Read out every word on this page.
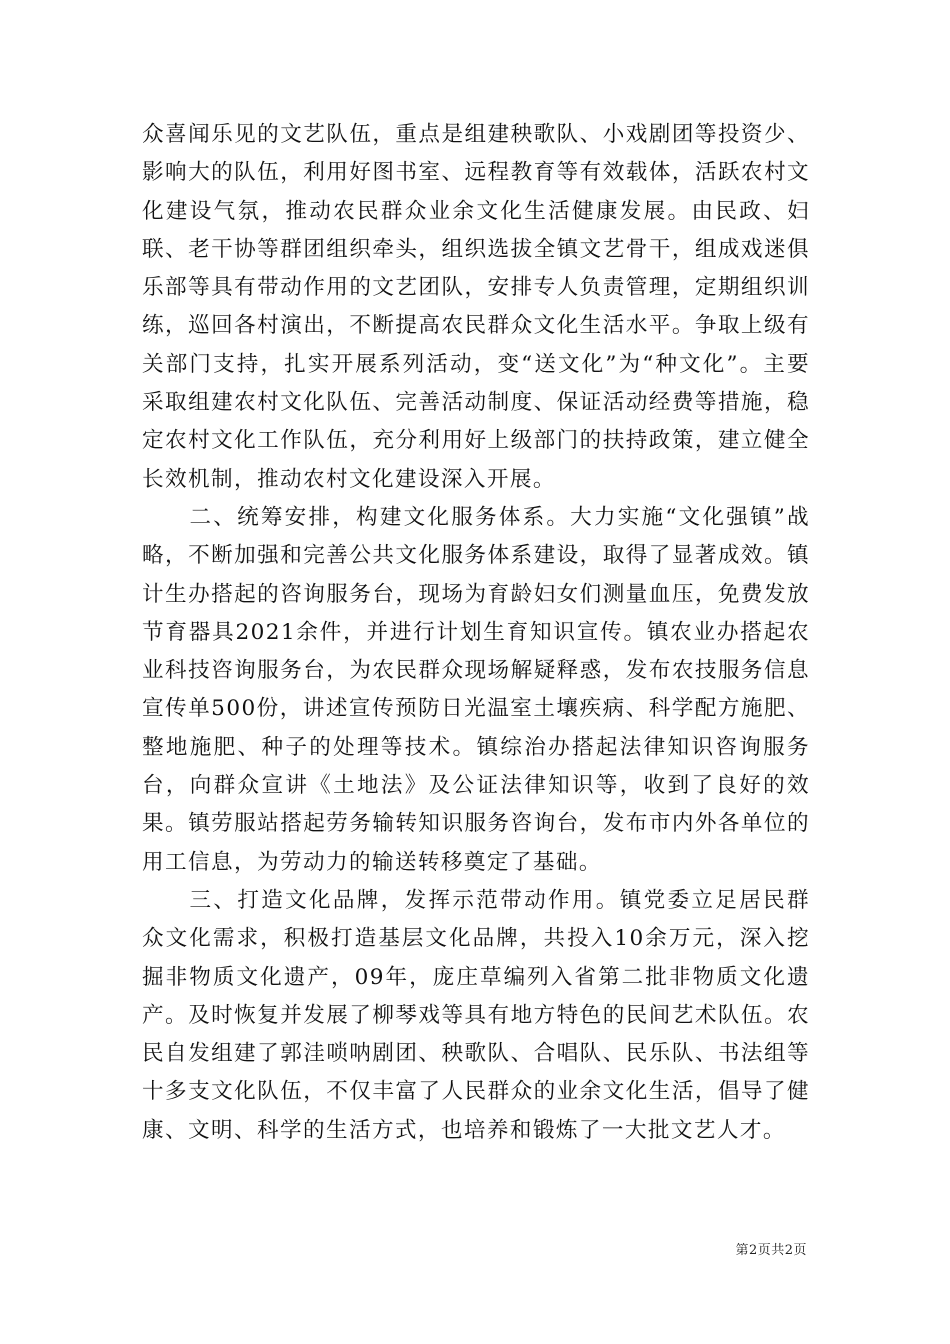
众喜闻乐见的文艺队伍，重点是组建秧歌队、小戏剧团等投资少、影响大的队伍，利用好图书室、远程教育等有效载体，活跃农村文化建设气氛，推动农民群众业余文化生活健康发展。由民政、妇联、老干协等群团组织牵头，组织选拔全镇文艺骨干，组成戏迷俱乐部等具有带动作用的文艺团队，安排专人负责管理，定期组织训练，巡回各村演出，不断提高农民群众文化生活水平。争取上级有关部门支持，扎实开展系列活动，变“送文化”为“种文化”。主要采取组建农村文化队伍、完善活动制度、保证活动经费等措施，稳定农村文化工作队伍，充分利用好上级部门的扶持政策，建立健全长效机制，推动农村文化建设深入开展。

二、统筹安排，构建文化服务体系。大力实施“文化强镇”战略，不断加强和完善公共文化服务体系建设，取得了显著成效。镇计生办搭起的咨询服务台，现场为育龄妇女们测量血压，免费发放节育器具2021余件，并进行计划生育知识宣传。镇农业办搭起农业科技咨询服务台，为农民群众现场解疑释惑，发布农技服务信息宣传单500份，讲述宣传预防日光温室土壤疾病、科学配方施肥、整地施肥、种子的处理等技术。镇综治办搭起法律知识咨询服务台，向群众宣讲《土地法》及公证法律知识等，收到了良好的效果。镇劳服站搭起劳务输转知识服务咨询台，发布市内外各单位的用工信息，为劳动力的输送转移奠定了基础。

三、打造文化品牌，发挥示范带动作用。镇党委立足居民群众文化需求，积极打造基层文化品牌，共投入10余万元，深入挖掘非物质文化遗产，09年，庞庄草编列入省第二批非物质文化遗产。及时恢复并发展了柳琴戏等具有地方特色的民间艺术队伍。农民自发组建了郭洼唢呐剧团、秧歌队、合唱队、民乐队、书法组等十多支文化队伍，不仅丰富了人民群众的业余文化生活，倡导了健康、文明、科学的生活方式，也培养和锻炼了一大批文艺人才。

第2页共2页
